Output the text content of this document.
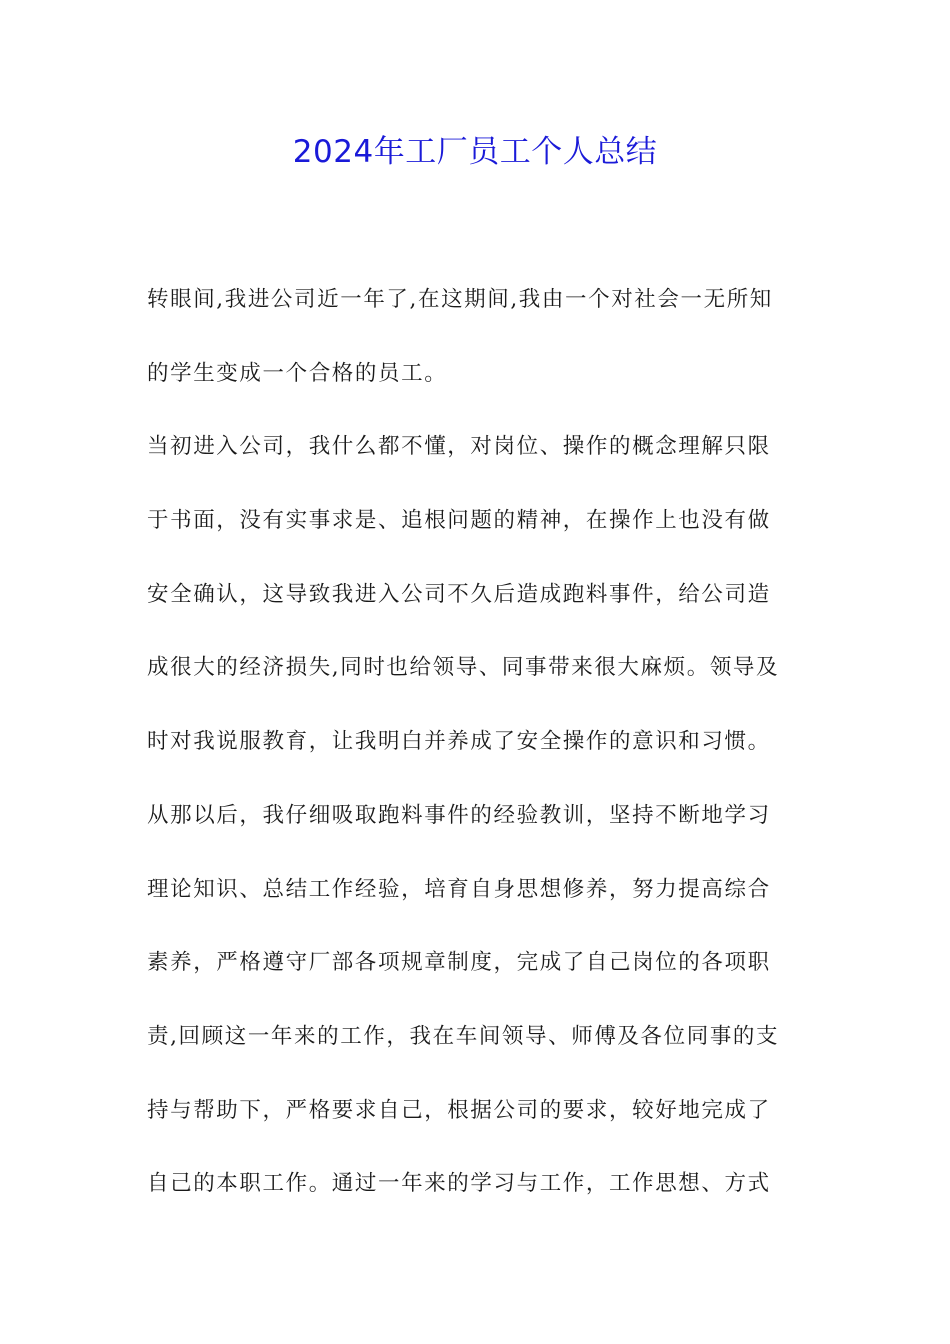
2024年工厂员工个人总结
转眼间,我进公司近一年了,在这期间,我由一个对社会一无所知
的学生变成一个合格的员工。
当初进入公司，我什么都不懂，对岗位、操作的概念理解只限
于书面，没有实事求是、追根问题的精神，在操作上也没有做
安全确认，这导致我进入公司不久后造成跑料事件，给公司造
成很大的经济损失,同时也给领导、同事带来很大麻烦。领导及
时对我说服教育，让我明白并养成了安全操作的意识和习惯。
从那以后，我仔细吸取跑料事件的经验教训，坚持不断地学习
理论知识、总结工作经验，培育自身思想修养，努力提高综合
素养，严格遵守厂部各项规章制度，完成了自己岗位的各项职
责,回顾这一年来的工作，我在车间领导、师傅及各位同事的支
持与帮助下，严格要求自己，根据公司的要求，较好地完成了
自己的本职工作。通过一年来的学习与工作，工作思想、方式
